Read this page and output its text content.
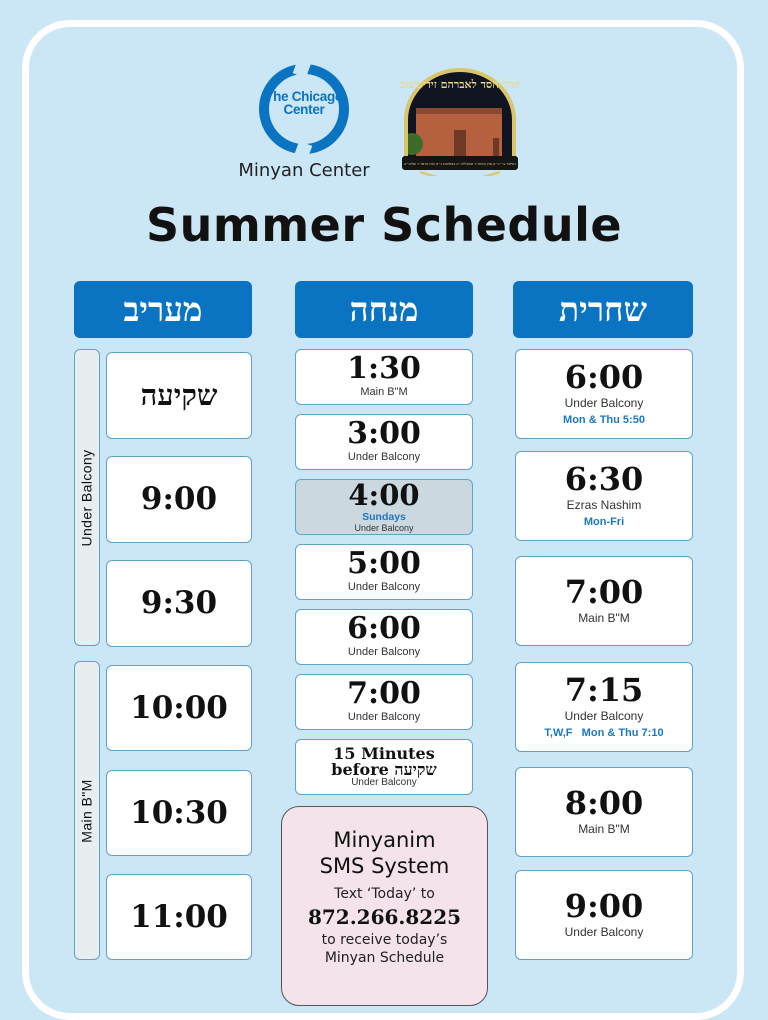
The Chicago Center
Minyan Center
קהל חסד לאברהם זידיטשוב
נתייסד ע״י כ״ק מרן אדמו״ר זצוקללה״ה בנשיאות כ״ק מרן אדמו״ר שליט״א
Summer Schedule
מעריב	מנחה	שחרית
Under Balcony
Main B"M
שקיעה
9:00
9:30
10:00
10:30
11:00
1:30
Main B"M
3:00
Under Balcony
4:00
Sundays
Under Balcony
5:00
Under Balcony
6:00
Under Balcony
7:00
Under Balcony
15 Minutes
before שקיעה
Under Balcony
6:00
Under Balcony
Mon & Thu 5:50
6:30
Ezras Nashim
Mon-Fri
7:00
Main B"M
7:15
Under Balcony
T,W,F   Mon & Thu 7:10
8:00
Main B"M
9:00
Under Balcony
Minyanim
SMS System
Text ‘Today’ to
872.266.8225
to receive today’s
Minyan Schedule
